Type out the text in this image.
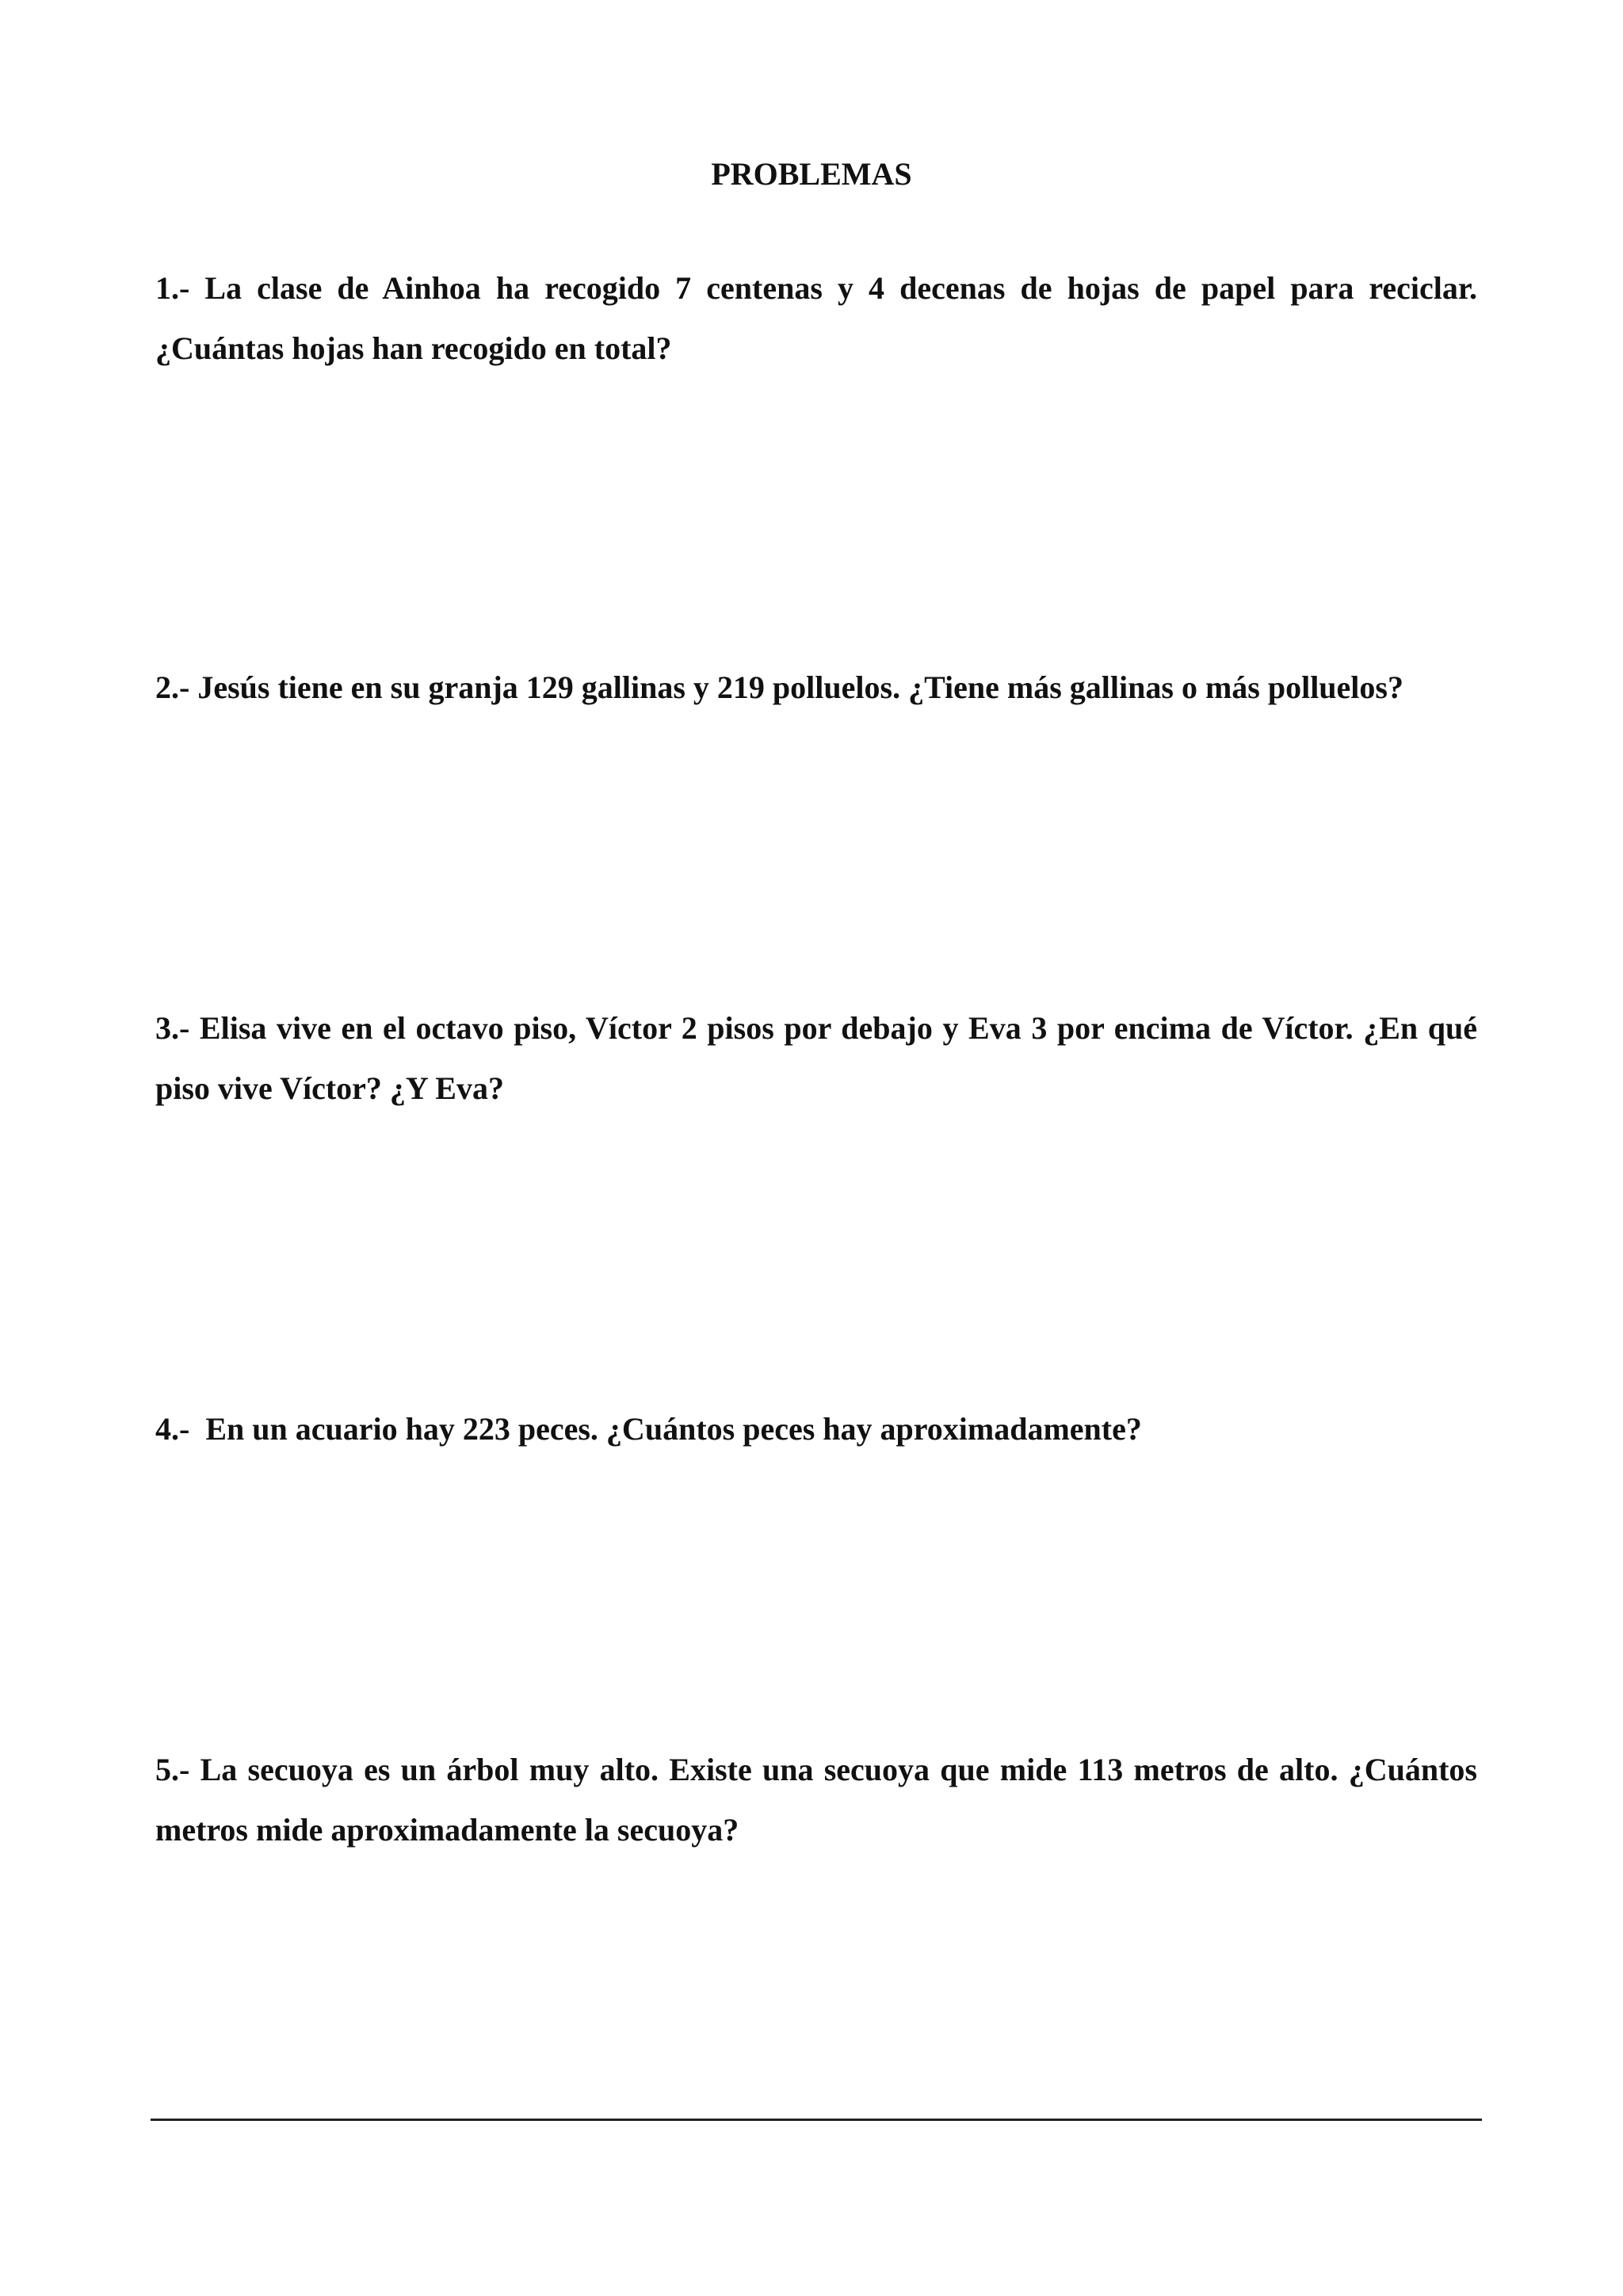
PROBLEMAS

1.- La clase de Ainhoa ha recogido 7 centenas y 4 decenas de hojas de papel para reciclar. ¿Cuántas hojas han recogido en total?

2.- Jesús tiene en su granja 129 gallinas y 219 polluelos. ¿Tiene más gallinas o más polluelos?

3.- Elisa vive en el octavo piso, Víctor 2 pisos por debajo y Eva 3 por encima de Víctor. ¿En qué piso vive Víctor? ¿Y Eva?

4.-  En un acuario hay 223 peces. ¿Cuántos peces hay aproximadamente?

5.- La secuoya es un árbol muy alto. Existe una secuoya que mide 113 metros de alto. ¿Cuántos metros mide aproximadamente la secuoya?
